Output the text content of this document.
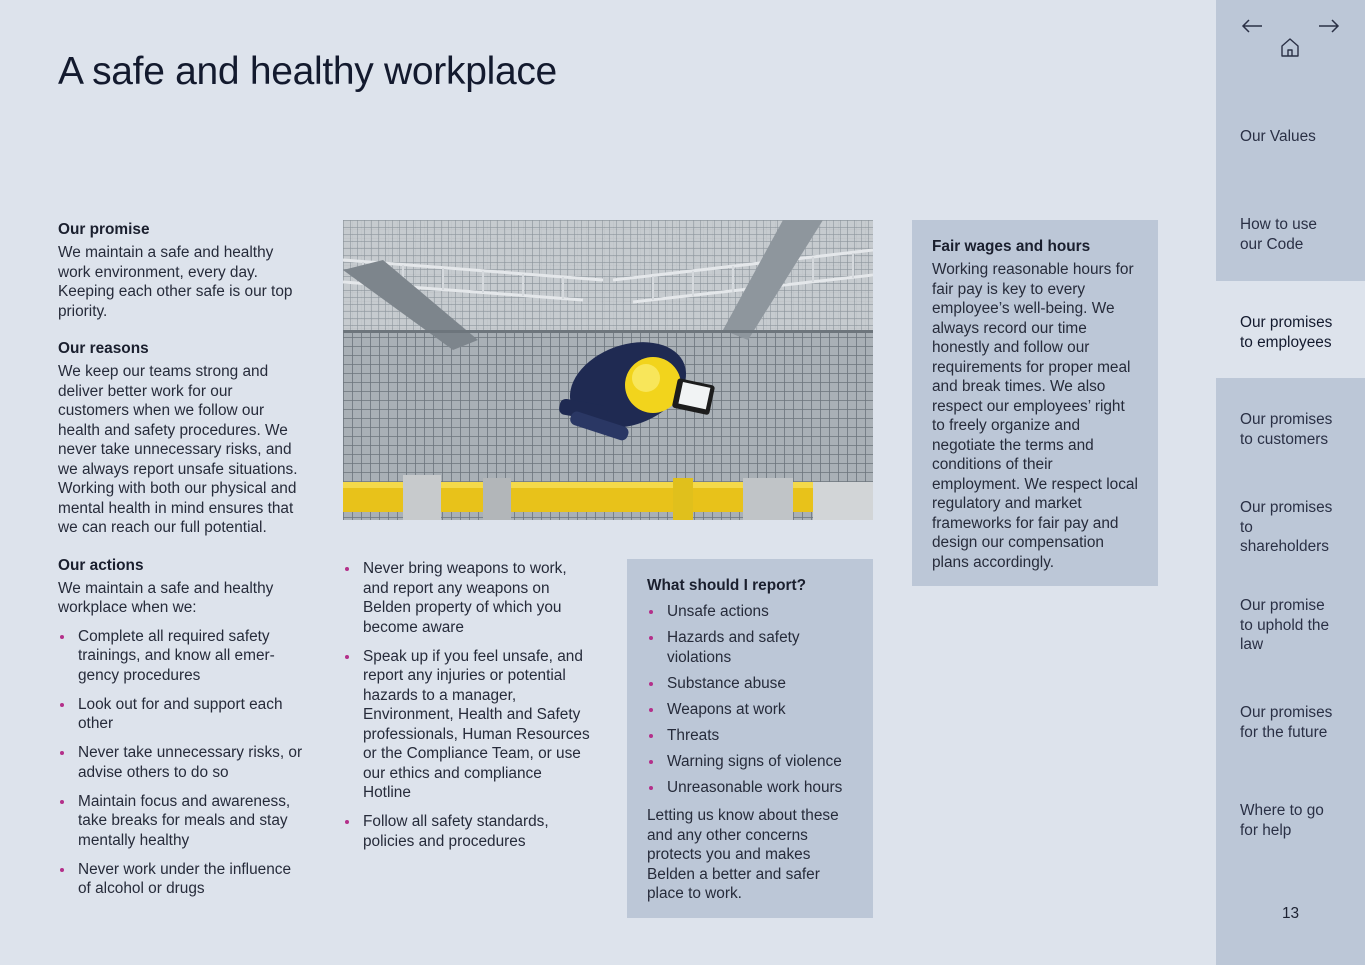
A safe and healthy workplace
Our promise

We maintain a safe and healthy work environment, every day. Keeping each other safe is our top priority.

Our reasons

We keep our teams strong and deliver better work for our customers when we follow our health and safety procedures. We never take unnecessary risks, and we always report unsafe situations. Working with both our physical and mental health in mind ensures that we can reach our full potential.

Our actions

We maintain a safe and healthy workplace when we:

Complete all required safety trainings, and know all emer-gency procedures
Look out for and support each other
Never take unnecessary risks, or advise others to do so
Maintain focus and awareness, take breaks for meals and stay mentally healthy
Never work under the influence of alcohol or drugs
Never bring weapons to work, and report any weapons on Belden property of which you become aware
Speak up if you feel unsafe, and report any injuries or potential hazards to a manager, Environment, Health and Safety professionals, Human Resources or the Compliance Team, or use our ethics and compliance Hotline
Follow all safety standards, policies and procedures
What should I report?
Unsafe actions
Hazards and safety violations
Substance abuse
Weapons at work
Threats
Warning signs of violence
Unreasonable work hours

Letting us know about these and any other concerns protects you and makes Belden a better and safer place to work.

Fair wages and hours

Working reasonable hours for fair pay is key to every employee’s well-being. We always record our time honestly and follow our requirements for proper meal and break times. We also respect our employees’ right to freely organize and negotiate the terms and conditions of their employment. We respect local regulatory and market frameworks for fair pay and design our compensation plans accordingly.

Our Values
How to use our Code
Our promises to employees
Our promises to customers
Our promises to shareholders
Our promise to uphold the law
Our promises for the future
Where to go for help
13
